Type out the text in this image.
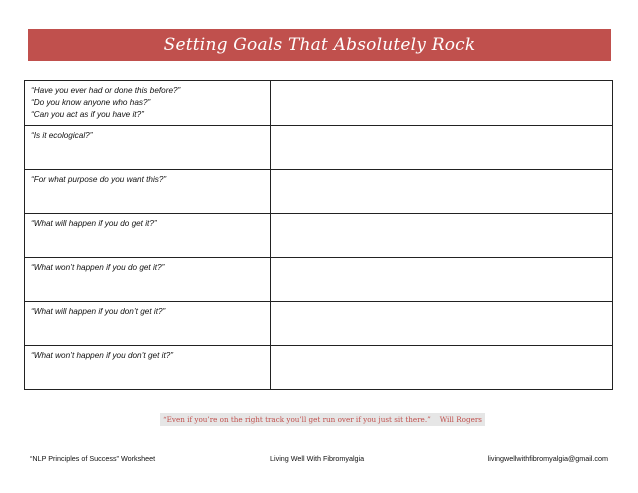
Setting Goals That Absolutely Rock
“Have you ever had or done this before?”
“Do you know anyone who has?”
“Can you act as if you have it?”	

“Is it ecological?”	

“For what purpose do you want this?”	

“What will happen if you do get it?”	

“What won’t happen if you do get it?”	

“What will happen if you don’t get it?”	

“What won’t happen if you don’t get it?”	

“Even if you’re on the right track you’ll get run over if you just sit there.” Will Rogers
“NLP Principles of Success” Worksheet	Living Well With Fibromyalgia	livingwellwithfibromyalgia@gmail.com
